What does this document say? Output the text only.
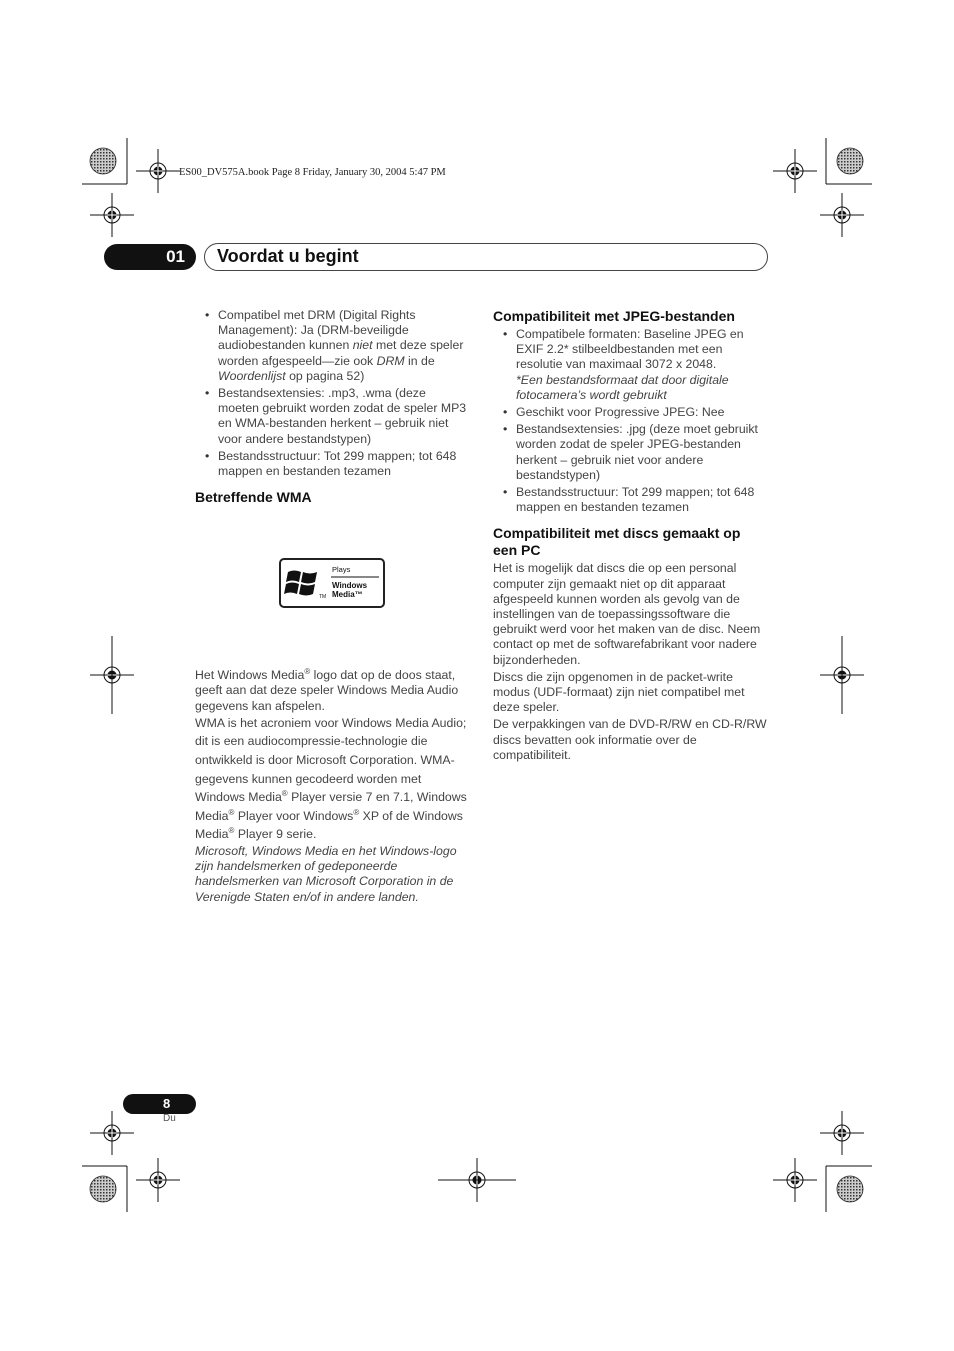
ES00_DV575A.book Page 8 Friday, January 30, 2004 5:47 PM
01 Voordat u begint
• Compatibel met DRM (Digital Rights Management): Ja (DRM-beveiligde audiobestanden kunnen niet met deze speler worden afgespeeld—zie ook DRM in de Woordenlijst op pagina 52)
• Bestandsextensies: .mp3, .wma (deze moeten gebruikt worden zodat de speler MP3 en WMA-bestanden herkent – gebruik niet voor andere bestandstypen)
• Bestandsstructuur: Tot 299 mappen; tot 648 mappen en bestanden tezamen
Betreffende WMA

Het Windows Media® logo dat op de doos staat, geeft aan dat deze speler Windows Media Audio gegevens kan afspelen.

WMA is het acroniem voor Windows Media Audio; dit is een audiocompressie-technologie die ontwikkeld is door Microsoft Corporation. WMA-gegevens kunnen gecodeerd worden met Windows Media® Player versie 7 en 7.1, Windows Media® Player voor Windows® XP of de Windows Media® Player 9 serie.

Microsoft, Windows Media en het Windows-logo zijn handelsmerken of gedeponeerde handelsmerken van Microsoft Corporation in de Verenigde Staten en/of in andere landen.

Plays
Windows
Media™
TM
Compatibiliteit met JPEG-bestanden
• Compatibele formaten: Baseline JPEG en EXIF 2.2* stilbeeldbestanden met een resolutie van maximaal 3072 x 2048.

*Een bestandsformaat dat door digitale fotocamera’s wordt gebruikt

• Geschikt voor Progressive JPEG: Nee
• Bestandsextensies: .jpg (deze moet gebruikt worden zodat de speler JPEG-bestanden herkent – gebruik niet voor andere bestandstypen)
• Bestandsstructuur: Tot 299 mappen; tot 648 mappen en bestanden tezamen
Compatibiliteit met discs gemaakt op een PC

Het is mogelijk dat discs die op een personal computer zijn gemaakt niet op dit apparaat afgespeeld kunnen worden als gevolg van de instellingen van de toepassingssoftware die gebruikt werd voor het maken van de disc. Neem contact op met de softwarefabrikant voor nadere bijzonderheden.

Discs die zijn opgenomen in de packet-write modus (UDF-formaat) zijn niet compatibel met deze speler.

De verpakkingen van de DVD-R/RW en CD-R/RW discs bevatten ook informatie over de compatibiliteit.

8
Du
